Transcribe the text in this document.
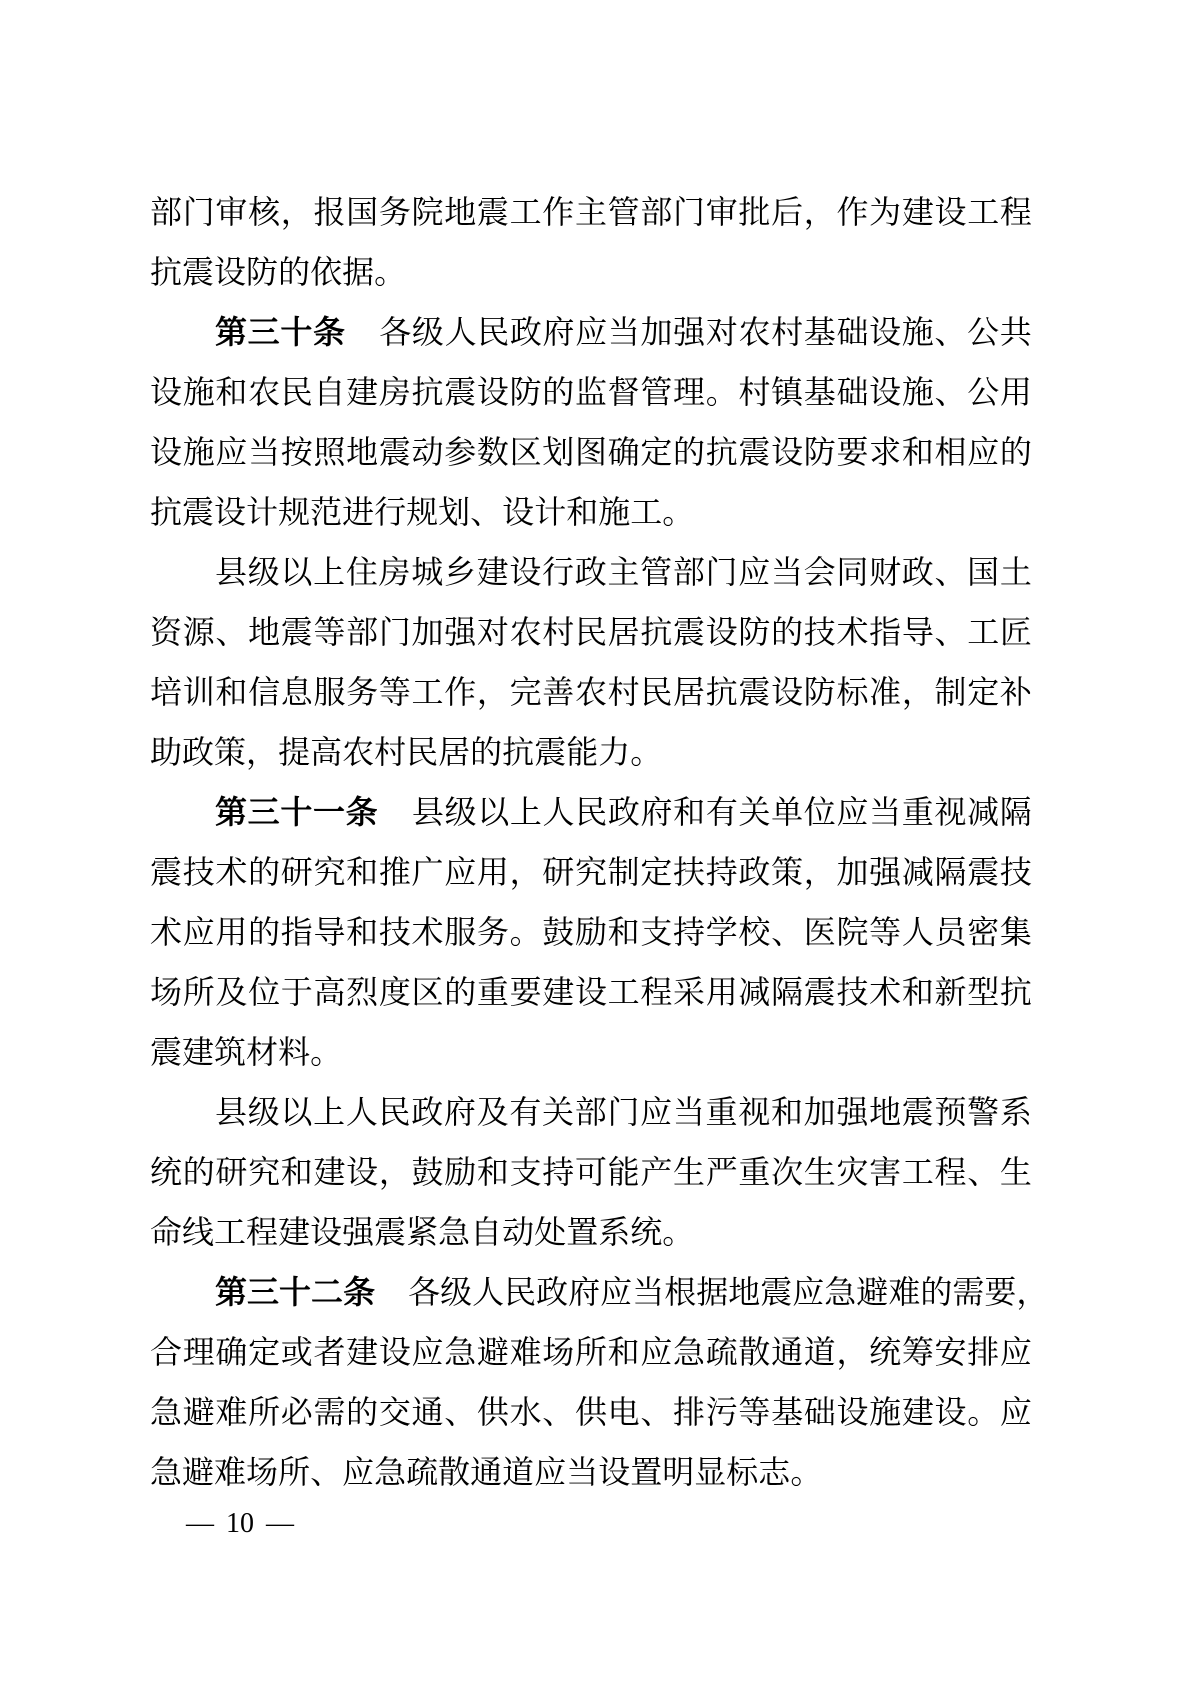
部 门 审 核 ， 报 国 务 院 地 震 工 作 主 管 部 门 审 批 后 ， 作 为 建 设 工 程
抗震设防的依据。
第 三 十 条 各 级 人 民 政 府 应 当 加 强 对 农 村 基 础 设 施 、 公 共
设 施 和 农 民 自 建 房 抗 震 设 防 的 监 督 管 理 。 村 镇 基 础 设 施 、 公 用
设 施 应 当 按 照 地 震 动 参 数 区 划 图 确 定 的 抗 震 设 防 要 求 和 相 应 的
抗震设计规范进行规划、设计和施工。
县 级 以 上 住 房 城 乡 建 设 行 政 主 管 部 门 应 当 会 同 财 政 、 国 土
资 源 、 地 震 等 部 门 加 强 对 农 村 民 居 抗 震 设 防 的 技 术 指 导 、 工 匠
培 训 和 信 息 服 务 等 工 作 ， 完 善 农 村 民 居 抗 震 设 防 标 准 ， 制 定 补
助政策，提高农村民居的抗震能力。
第 三 十 一 条 县 级 以 上 人 民 政 府 和 有 关 单 位 应 当 重 视 减 隔
震 技 术 的 研 究 和 推 广 应 用 ， 研 究 制 定 扶 持 政 策 ， 加 强 减 隔 震 技
术 应 用 的 指 导 和 技 术 服 务 。 鼓 励 和 支 持 学 校 、 医 院 等 人 员 密 集
场 所 及 位 于 高 烈 度 区 的 重 要 建 设 工 程 采 用 减 隔 震 技 术 和 新 型 抗
震建筑材料。
县 级 以 上 人 民 政 府 及 有 关 部 门 应 当 重 视 和 加 强 地 震 预 警 系
统 的 研 究 和 建 设 ， 鼓 励 和 支 持 可 能 产 生 严 重 次 生 灾 害 工 程 、 生
命线工程建设强震紧急自动处置系统。
第 三 十 二 条 各 级 人 民 政 府 应 当 根 据 地 震 应 急 避 难 的 需 要 ，
合 理 确 定 或 者 建 设 应 急 避 难 场 所 和 应 急 疏 散 通 道 ， 统 筹 安 排 应
急 避 难 所 必 需 的 交 通 、 供 水 、 供 电 、 排 污 等 基 础 设 施 建 设 。 应
急避难场所、应急疏散通道应当设置明显标志。
— 10 —
